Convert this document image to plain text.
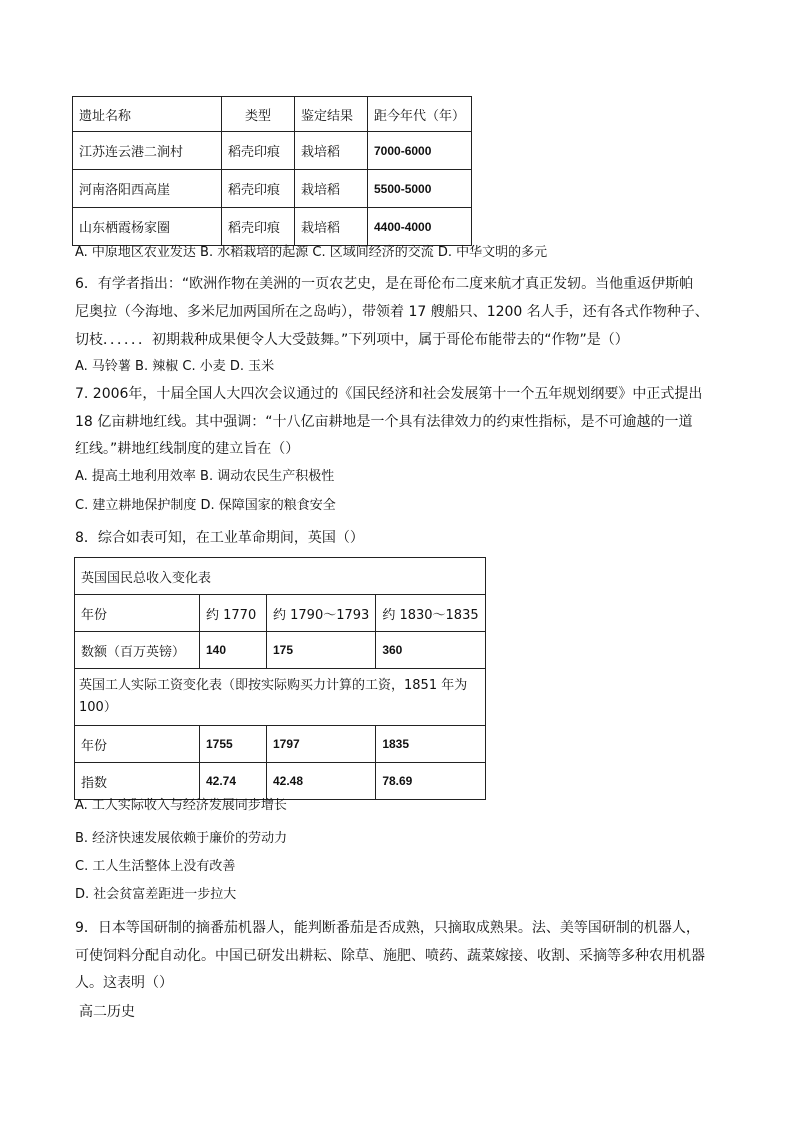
遗址名称	类型	鉴定结果	距今年代（年）
江苏连云港二涧村	稻壳印痕	栽培稻	7000-6000
河南洛阳西高崖	稻壳印痕	栽培稻	5500-5000
山东栖霞杨家圈	稻壳印痕	栽培稻	4400-4000
A. 中原地区农业发达 B. 水稻栽培的起源 C. 区域间经济的交流 D. 中华文明的多元
6．有学者指出：“欧洲作物在美洲的一页农艺史，是在哥伦布二度来航才真正发轫。当他重返伊斯帕
尼奥拉（今海地、多米尼加两国所在之岛屿），带领着 17 艘船只、1200 名人手，还有各式作物种子、
切枝．．．．．．初期栽种成果便令人大受鼓舞。”下列项中，属于哥伦布能带去的“作物”是（）
A. 马铃薯 B. 辣椒 C. 小麦 D. 玉米
7. 2006年，十届全国人大四次会议通过的《国民经济和社会发展第十一个五年规划纲要》中正式提出
18 亿亩耕地红线。其中强调：“十八亿亩耕地是一个具有法律效力的约束性指标，是不可逾越的一道
红线。”耕地红线制度的建立旨在（）
A. 提高土地利用效率 B. 调动农民生产积极性
C. 建立耕地保护制度 D. 保障国家的粮食安全
8．综合如表可知，在工业革命期间，英国（）
英国国民总收入变化表			
年份	约 1770	约 1790～1793	约 1830～1835
数额（百万英镑）	140	175	360
英国工人实际工资变化表（即按实际购买力计算的工资，1851 年为100）			
年份	1755	1797	1835
指数	42.74	42.48	78.69
A. 工人实际收入与经济发展同步增长
B. 经济快速发展依赖于廉价的劳动力
C. 工人生活整体上没有改善
D. 社会贫富差距进一步拉大
9．日本等国研制的摘番茄机器人，能判断番茄是否成熟，只摘取成熟果。法、美等国研制的机器人，
可使饲料分配自动化。中国已研发出耕耘、除草、施肥、喷药、蔬菜嫁接、收割、采摘等多种农用机器
人。这表明（）
高二历史
